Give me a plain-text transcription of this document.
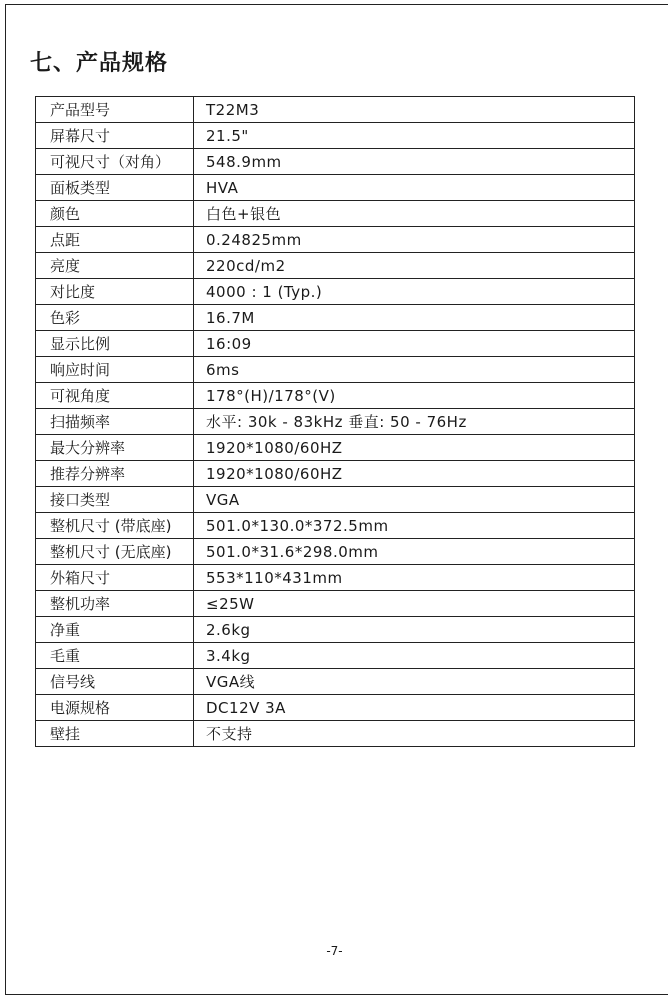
七、产品规格
产品型号	T22M3
屏幕尺寸	21.5"
可视尺寸（对角）	548.9mm
面板类型	HVA
颜色	白色+银色
点距	0.24825mm
亮度	220cd/m2
对比度	4000 : 1 (Typ.)
色彩	16.7M
显示比例	16:09
响应时间	6ms
可视角度	178°(H)/178°(V)
扫描频率	水平: 30k - 83kHz 垂直: 50 - 76Hz
最大分辨率	1920*1080/60HZ
推荐分辨率	1920*1080/60HZ
接口类型	VGA
整机尺寸 (带底座)	501.0*130.0*372.5mm
整机尺寸 (无底座)	501.0*31.6*298.0mm
外箱尺寸	553*110*431mm
整机功率	≤25W
净重	2.6kg
毛重	3.4kg
信号线	VGA线
电源规格	DC12V 3A
壁挂	不支持
-7-
